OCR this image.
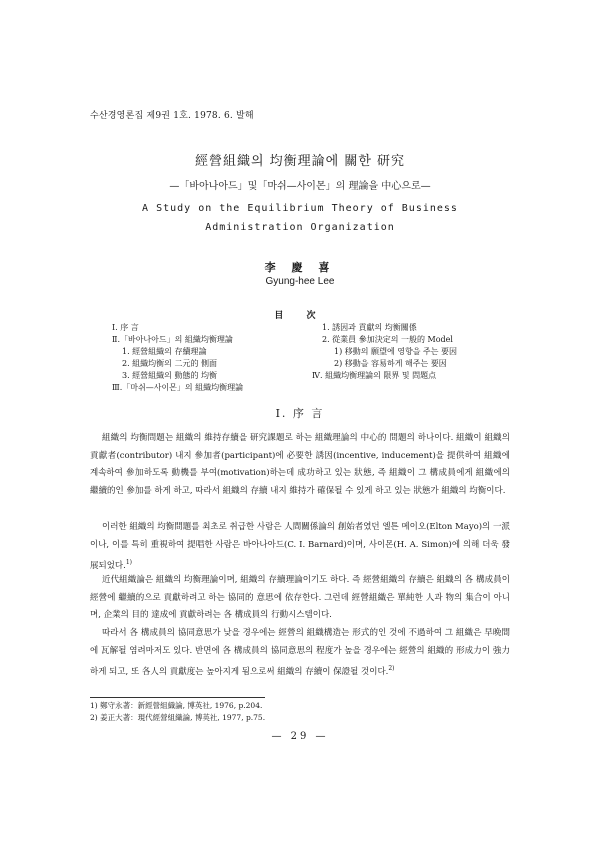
수산경영론집 제9권 1호. 1978. 6. 발해
經營組織의 均衡理論에 關한 研究
—「바아나아드」및「마쉬—사이몬」의 理論을 中心으로—
A Study on the Equilibrium Theory of Business
Administration Organization
李 慶 喜
Gyung-hee Lee
目 次
Ⅰ. 序 言
Ⅱ.「바아나아드」의 組織均衡理論
1. 經營組織의 存續理論
2. 組織均衡의 二元的 側面
3. 經營組織의 動態的 均衡
Ⅲ.「마쉬—사이몬」의 組織均衡理論
1. 誘因과 貢獻의 均衡關係
2. 從業員 參加決定의 一般的 Model
1) 移動의 願望에 영향을 주는 要因
2) 移動을 容易하게 해주는 要因
Ⅳ. 組織均衡理論의 限界 및 問題点
Ⅰ. 序 言

組織의 均衡問題는 組織의 維持存續을 研究課題로 하는 組織理論의 中心的 問題의 하나이다. 組織이 組織의 貢獻者(contributor) 내지 參加者(participant)에 必要한 誘因(incentive, inducement)을 提供하여 組織에 계속하여 參加하도록 動機를 부여(motivation)하는데 成功하고 있는 狀態, 즉 組織이 그 構成員에게 組織에의 繼續的인 參加를 하게 하고, 따라서 組織의 存續 내지 維持가 確保될 수 있게 하고 있는 狀態가 組織의 均衡이다.

이러한 組織의 均衡問題를 최초로 취급한 사람은 人間關係論의 創始者였던 엘튼 메이오(Elton Mayo)의 一派이나, 이를 특히 重視하여 提唱한 사람은 바아나아드(C. I. Barnard)이며, 사이몬(H. A. Simon)에 의해 더욱 發展되었다.$^{1)}$

近代組織論은 組織의 均衡理論이며, 組織의 存續理論이기도 하다. 즉 經營組織의 存續은 組織의 各 構成員이 經營에 繼續的으로 貢獻하려고 하는 協同的 意思에 依存한다. 그런데 經營組織은 單純한 人과 物의 集合이 아니며, 企業의 目的 達成에 貢獻하려는 各 構成員의 行動시스템이다.

따라서 各 構成員의 協同意思가 낮을 경우에는 經營의 組織構造는 形式的인 것에 不過하여 그 組織은 早晩間에 瓦解될 염려마저도 있다. 반면에 各 構成員의 協同意思의 程度가 높을 경우에는 經營의 組織的 形成力이 強力하게 되고, 또 各人의 貢獻度는 높아지게 됨으로써 組織의 存續이 保證될 것이다.$^{2)}$

1) 鄭守永著：新經營組織論, 博英社, 1976, p.204.
2) 姜正大著：現代經營組織論, 博英社, 1977, p.75.
— 29 —
